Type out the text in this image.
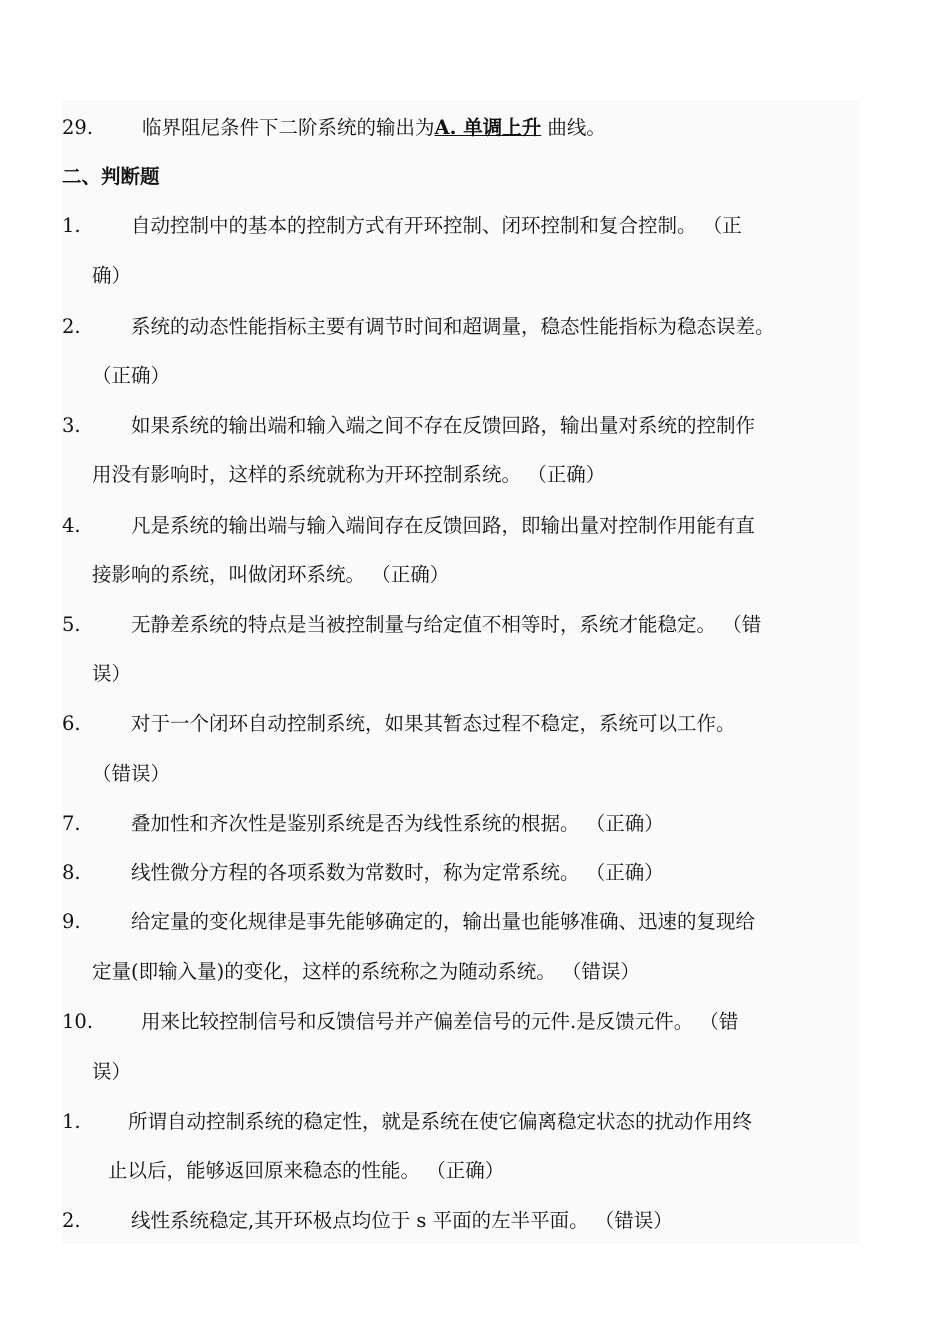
29.	临界阻尼条件下二阶系统的输出为A. 单调上升 曲线。
二、判断题
1.	自动控制中的基本的控制方式有开环控制、闭环控制和复合控制。 （正
确）
2.	系统的动态性能指标主要有调节时间和超调量，稳态性能指标为稳态误差。
（正确）
3.	如果系统的输出端和输入端之间不存在反馈回路，输出量对系统的控制作
用没有影响时，这样的系统就称为开环控制系统。 （正确）
4.	凡是系统的输出端与输入端间存在反馈回路，即输出量对控制作用能有直
接影响的系统，叫做闭环系统。 （正确）
5.	无静差系统的特点是当被控制量与给定值不相等时，系统才能稳定。 （错
误）
6.	对于一个闭环自动控制系统，如果其暂态过程不稳定，系统可以工作。
（错误）
7.	叠加性和齐次性是鉴别系统是否为线性系统的根据。 （正确）
8.	线性微分方程的各项系数为常数时，称为定常系统。 （正确）
9.	给定量的变化规律是事先能够确定的，输出量也能够准确、迅速的复现给
定量(即输入量)的变化，这样的系统称之为随动系统。 （错误）
10. 用来比较控制信号和反馈信号并产偏差信号的元件.是反馈元件。 （错
误）
1. 所谓自动控制系统的稳定性，就是系统在使它偏离稳定状态的扰动作用终
止以后，能够返回原来稳态的性能。 （正确）
2.	线性系统稳定,其开环极点均位于 s 平面的左半平面。 （错误）
